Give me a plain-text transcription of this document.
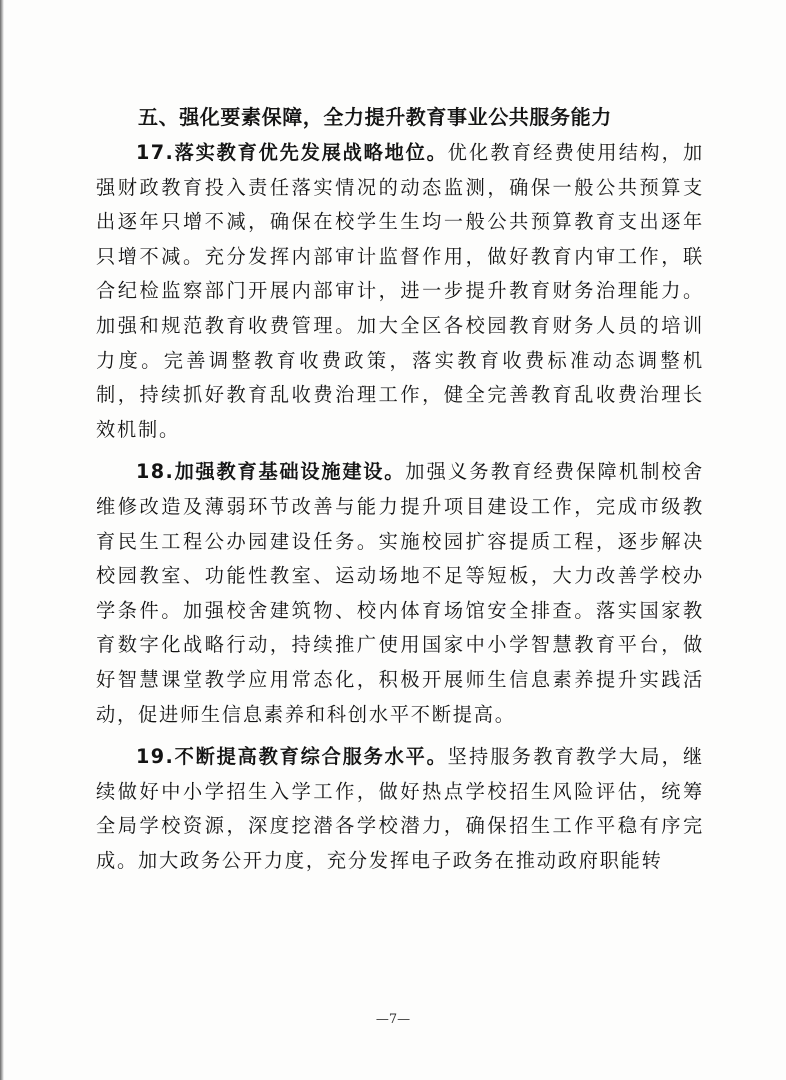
五、强化要素保障，全力提升教育事业公共服务能力

17.落实教育优先发展战略地位。优化教育经费使用结构，加强财政教育投入责任落实情况的动态监测，确保一般公共预算支出逐年只增不减，确保在校学生生均一般公共预算教育支出逐年只增不减。充分发挥内部审计监督作用，做好教育内审工作，联合纪检监察部门开展内部审计，进一步提升教育财务治理能力。加强和规范教育收费管理。加大全区各校园教育财务人员的培训力度。完善调整教育收费政策，落实教育收费标准动态调整机制，持续抓好教育乱收费治理工作，健全完善教育乱收费治理长效机制。

18.加强教育基础设施建设。加强义务教育经费保障机制校舍维修改造及薄弱环节改善与能力提升项目建设工作，完成市级教育民生工程公办园建设任务。实施校园扩容提质工程，逐步解决校园教室、功能性教室、运动场地不足等短板，大力改善学校办学条件。加强校舍建筑物、校内体育场馆安全排查。落实国家教育数字化战略行动，持续推广使用国家中小学智慧教育平台，做好智慧课堂教学应用常态化，积极开展师生信息素养提升实践活动，促进师生信息素养和科创水平不断提高。

19.不断提高教育综合服务水平。坚持服务教育教学大局，继续做好中小学招生入学工作，做好热点学校招生风险评估，统筹全局学校资源，深度挖潜各学校潜力，确保招生工作平稳有序完成。加大政务公开力度，充分发挥电子政务在推动政府职能转

—7—
